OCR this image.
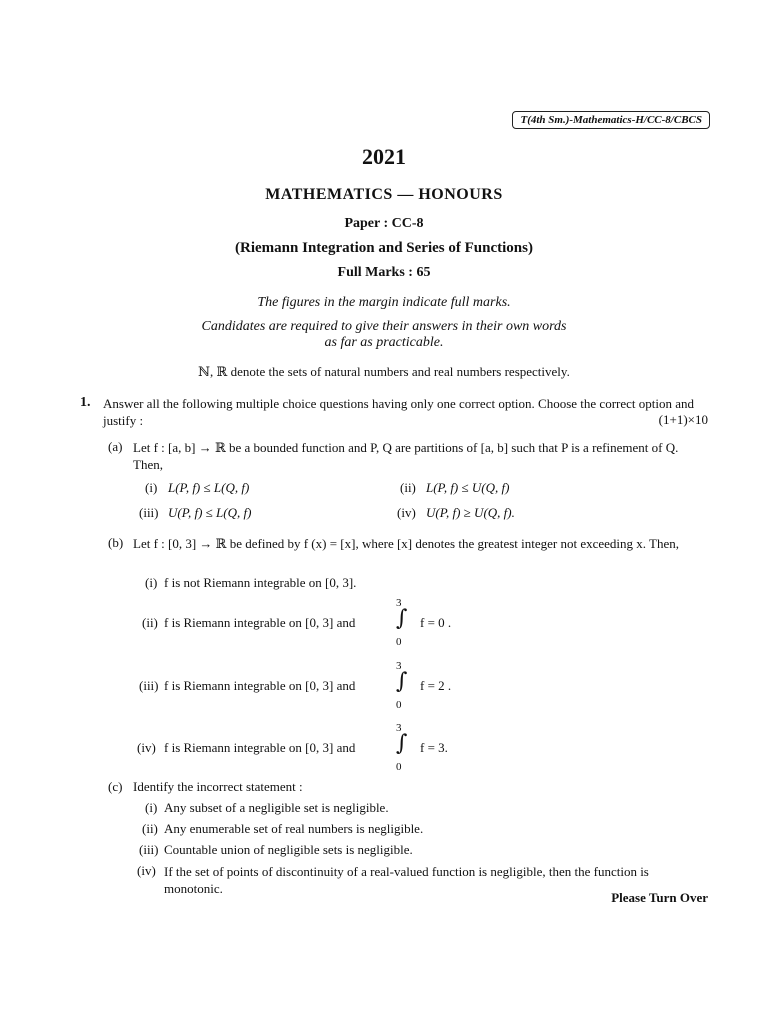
T(4th Sm.)-Mathematics-H/CC-8/CBCS
2021
MATHEMATICS — HONOURS
Paper : CC-8
(Riemann Integration and Series of Functions)
Full Marks : 65
The figures in the margin indicate full marks.
Candidates are required to give their answers in their own words
as far as practicable.
ℕ, ℝ denote the sets of natural numbers and real numbers respectively.
1. Answer all the following multiple choice questions having only one correct option. Choose the correct option and justify :	(1+1)×10
(a) Let f : [a, b] → ℝ be a bounded function and P, Q are partitions of [a, b] such that P is a refinement of Q. Then,
(i) L(P, f) ≤ L(Q, f)	(ii) L(P, f) ≤ U(Q, f)
(iii) U(P, f) ≤ L(Q, f)	(iv) U(P, f) ≥ U(Q, f).
(b) Let f : [0, 3] → ℝ be defined by f (x) = [x], where [x] denotes the greatest integer not exceeding x. Then,
(i) f is not Riemann integrable on [0, 3].
(ii) f is Riemann integrable on [0, 3] and
3
∫
0
f = 0 .
(iii) f is Riemann integrable on [0, 3] and
3
∫
0
f = 2 .
(iv) f is Riemann integrable on [0, 3] and
3
∫
0
f = 3.
(c) Identify the incorrect statement :
(i) Any subset of a negligible set is negligible.
(ii) Any enumerable set of real numbers is negligible.
(iii) Countable union of negligible sets is negligible.
(iv) If the set of points of discontinuity of a real-valued function is negligible, then the function is monotonic.
Please Turn Over
